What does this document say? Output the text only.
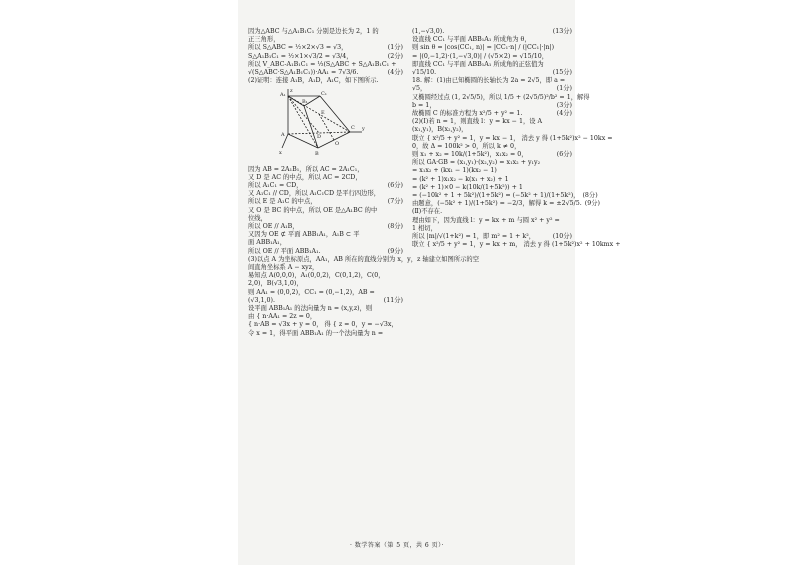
因为△ABC 与△A₁B₁C₁ 分别是边长为 2，1 的
正三角形，
所以 S△ABC = ½×2×√3 = √3，	(1分)
S△A₁B₁C₁ = ½×1×√3/2 = √3/4，	(2分)
所以 V_ABC-A₁B₁C₁ = ⅓(S△ABC + S△A₁B₁C₁ +
√(S△ABC·S△A₁B₁C₁))·AA₁ = 7√3/6.	(4分)
(2)证明：连接 A₁B，A₁D，A₁C，如下图所示.
A₁
B₁
C₁
D
E
O
A
B
C
x
y
z
因为 AB = 2A₁B₁，所以 AC = 2A₁C₁，
又 D 是 AC 的中点，所以 AC = 2CD，
所以 A₁C₁ = CD，	(6分)
又 A₁C₁ // CD，所以 A₁C₁CD 是平行四边形，
所以 E 是 A₁C 的中点，	(7分)
又 O 是 BC 的中点，所以 OE 是△A₁BC 的中
位线，
所以 OE // A₁B，	(8分)
又因为 OE ⊄ 平面 ABB₁A₁，A₁B ⊂ 平
面 ABB₁A₁，
所以 OE // 平面 ABB₁A₁.	(9分)
(3)以点 A 为坐标原点，AA₁，AB 所在的直线分别为 x，y，z 轴建立如图所示的空
间直角坐标系 A − xyz，
易知点 A(0,0,0)，A₁(0,0,2)，C(0,1,2)，C(0，
2,0)，B(√3,1,0)，
则 AA₁ = (0,0,2)，CC₁ = (0,−1,2)，AB =
(√3,1,0).	(11分)
设平面 ABB₁A₁ 的法向量为 n = (x,y,z)，则
由 { n·AA₁ = 2z = 0，
{ n·AB = √3x + y = 0， 得 { z = 0，y = −√3x，
令 x = 1，得平面 ABB₁A₁ 的一个法向量为 n =
(1,−√3,0).	(13分)
设直线 CC₁ 与平面 ABB₁A₁ 所成角为 θ，
则 sin θ = |cos⟨CC₁, n⟩| = |CC₁·n| / (|CC₁|·|n|)
= |(0,−1,2)·(1,−√3,0)| / (√5×2) = √15/10，
即直线 CC₁ 与平面 ABB₁A₁ 所成角的正弦值为
√15/10.	(15分)
18. 解：(1)由已知椭圆的长轴长为 2a = 2√5，即 a =
√5，	(1分)
又椭圆经过点 (1, 2√5/5)，所以 1/5 + (2√5/5)²/b² = 1，解得
b = 1，	(3分)
故椭圆 C 的标准方程为 x²/5 + y² = 1.	(4分)
(2)(Ⅰ)若 n = 1，则直线 l：y = kx − 1，设 A
(x₁,y₁)，B(x₂,y₂)，
联立 { x²/5 + y² = 1，y = kx − 1， 消去 y 得 (1+5k²)x² − 10kx =
0，故 Δ = 100k² > 0，所以 k ≠ 0，
则 x₁ + x₂ = 10k/(1+5k²)，x₁x₂ = 0，	(6分)
所以 GA·GB = (x₁,y₁)·(x₂,y₂) = x₁x₂ + y₁y₂
= x₁x₂ + (kx₁ − 1)(kx₂ − 1)
= (k² + 1)x₁x₂ − k(x₁ + x₂) + 1
= (k² + 1)×0 − k(10k/(1+5k²)) + 1
= (−10k² + 1 + 5k²)/(1+5k²) = (−5k² + 1)/(1+5k²)， (8分)
由题意，(−5k² + 1)/(1+5k²) = −2/3，解得 k = ±2√5/5. (9分)
(Ⅱ)不存在.
理由如下，因为直线 l：y = kx + m 与圆 x² + y² =
1 相切，
所以 |m|/√(1+k²) = 1，即 m² = 1 + k²，	(10分)
联立 { x²/5 + y² = 1，y = kx + m， 消去 y 得 (1+5k²)x² + 10kmx +
· 数学答案（第 5 页，共 6 页）·
